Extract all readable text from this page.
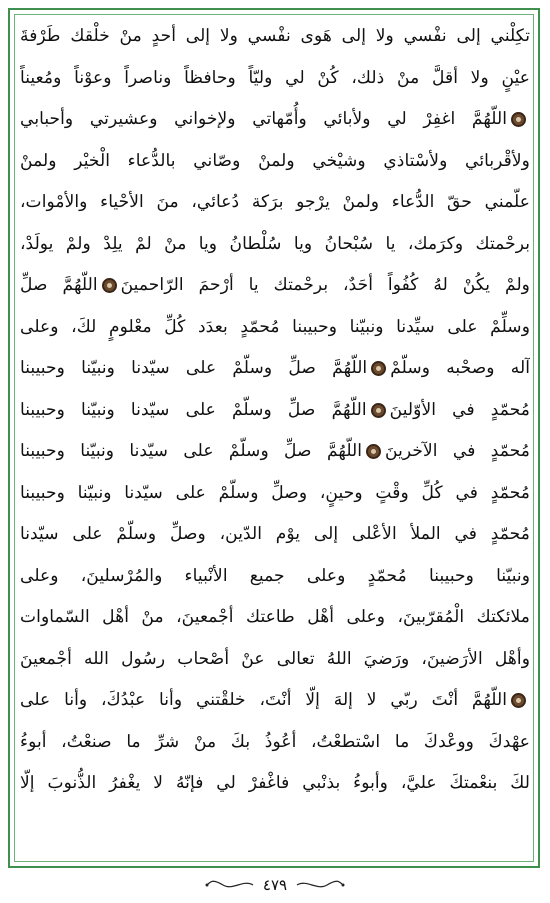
تكِلْني إلى نفْسي ولا إلى هَوى نفْسي ولا إلى أحدٍ منْ خلْقك طَرْفةَ
عيْنٍ ولا أقلَّ منْ ذلك، كُنْ لي وليّاً وحافظاً وناصراً وعوْناً ومُعيناً
اللّهُمَّ اغفِرْ لي ولأبائي وأُمّهاتي ولإخواني وعشيرتي وأحبابي
ولأقْربائي ولأسْتاذي وشيْخي ولمنْ وصّاني بالدُّعاء الْخيْر ولمنْ
علّمني حقّ الدُّعاء ولمنْ يرْجو برَكة دُعائي، منَ الأحْياء والأمْوات،
برحْمتك وكرَمك، يا سُبْحانُ ويا سُلْطانُ ويا منْ لمْ يلِدْ ولمْ يولَدْ،
ولمْ يكُنْ لهُ كُفُواً أحَدٌ، برحْمتك يا أرْحمَ الرّاحمينَاللّهُمَّ صلِّ
وسلِّمْ على سيِّدنا ونبيّنا وحبيبنا مُحمّدٍ بعدَد كُلِّ معْلومٍ لكَ، وعلى
آله وصحْبه وسلّمْاللّهُمَّ صلِّ وسلّمْ على سيّدنا ونبيّنا وحبيبنا
مُحمّدٍ في الأوّلينَاللّهُمَّ صلِّ وسلّمْ على سيّدنا ونبيّنا وحبيبنا
مُحمّدٍ في الآخرينَاللّهُمَّ صلِّ وسلّمْ على سيّدنا ونبيّنا وحبيبنا
مُحمّدٍ في كُلِّ وقْتٍ وحينٍ، وصلِّ وسلّمْ على سيّدنا ونبيّنا وحبيبنا
مُحمّدٍ في الملأ الأعْلى إلى يوْم الدّين، وصلِّ وسلّمْ على سيّدنا
ونبيّنا وحبيبنا مُحمّدٍ وعلى جميع الأنْبياء والمُرْسلينَ، وعلى
ملائكتك الْمُقرّبينَ، وعلى أهْل طاعتك أجْمعينَ، منْ أهْل السّماوات
وأهْل الأرَضينَ، ورَضيَ اللهُ تعالى عنْ أصْحاب رسُول الله أجْمعينَ
اللّهُمَّ أنْتَ ربّي لا إلهَ إلّا أنْتَ، خلقْتني وأنا عبْدُكَ، وأنا على
عهْدكَ ووعْدكَ ما اسْتطعْتُ، أعُوذُ بكَ منْ شرِّ ما صنعْتُ، أبوءُ
لكَ بنعْمتكَ عليَّ، وأبوءُ بذنْبي فاغْفرْ لي فإنّهُ لا يغْفرُ الذُّنوبَ إلّا
٤٧٩
